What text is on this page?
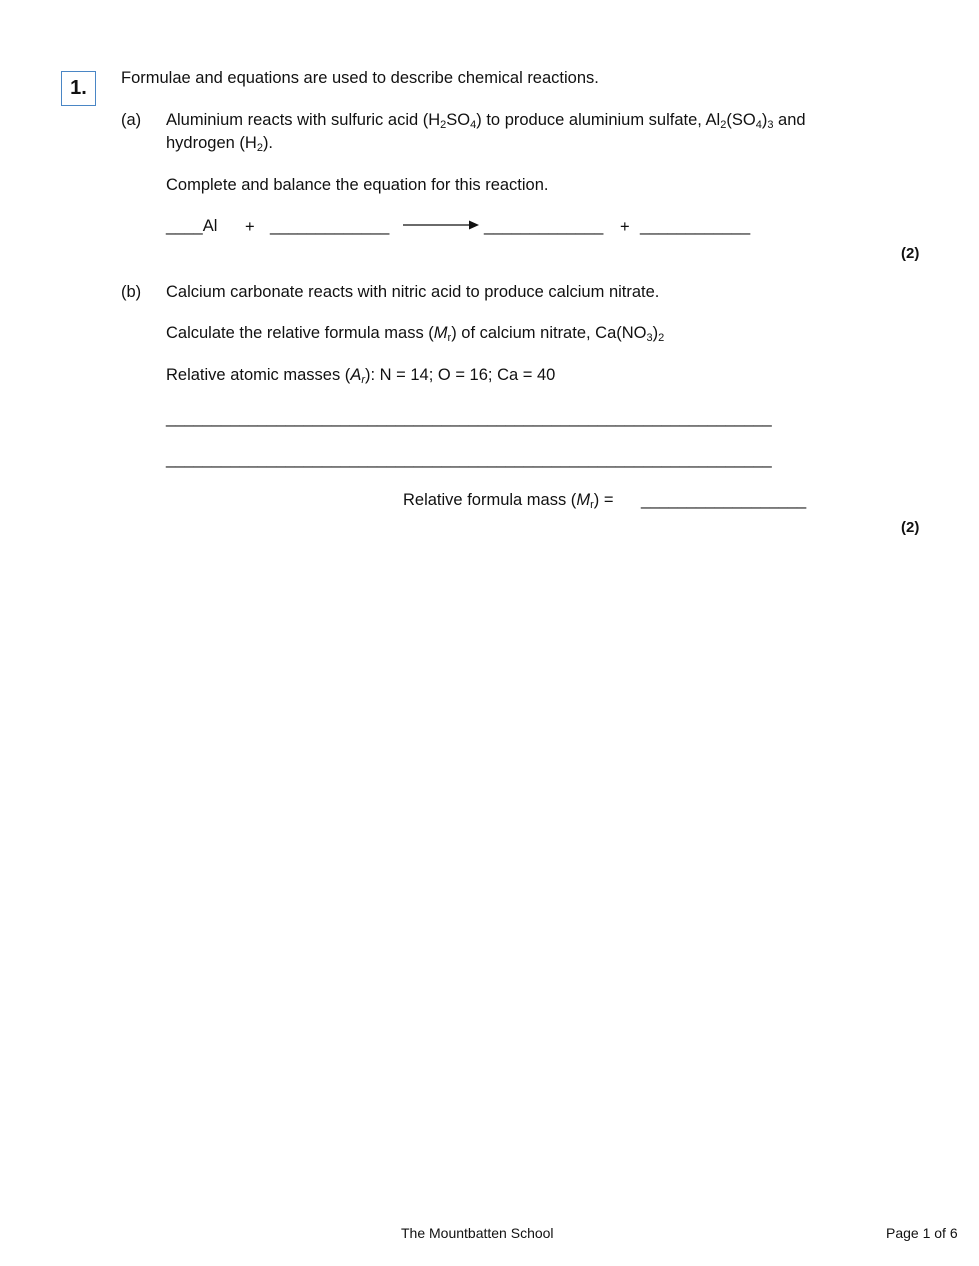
1.	Formulae and equations are used to describe chemical reactions.
(a) Aluminium reacts with sulfuric acid $(H_2SO_4)$ to produce aluminium sulfate, $Al_2(SO_4)_3$ and
hydrogen $(H_2)$.
Complete and balance the equation for this reaction.
____Al + _____________	_____________ + ____________
(2)
(b) Calcium carbonate reacts with nitric acid to produce calcium nitrate.
Calculate the relative formula mass $(M_r)$ of calcium nitrate, $Ca(NO_3)_2$
Relative atomic masses $(A_r)$: N = 14; O = 16; Ca = 40
__________________________________________________________________
__________________________________________________________________
Relative formula mass $(M_r)$ = __________________
(2)
The Mountbatten School	Page 1 of 6
